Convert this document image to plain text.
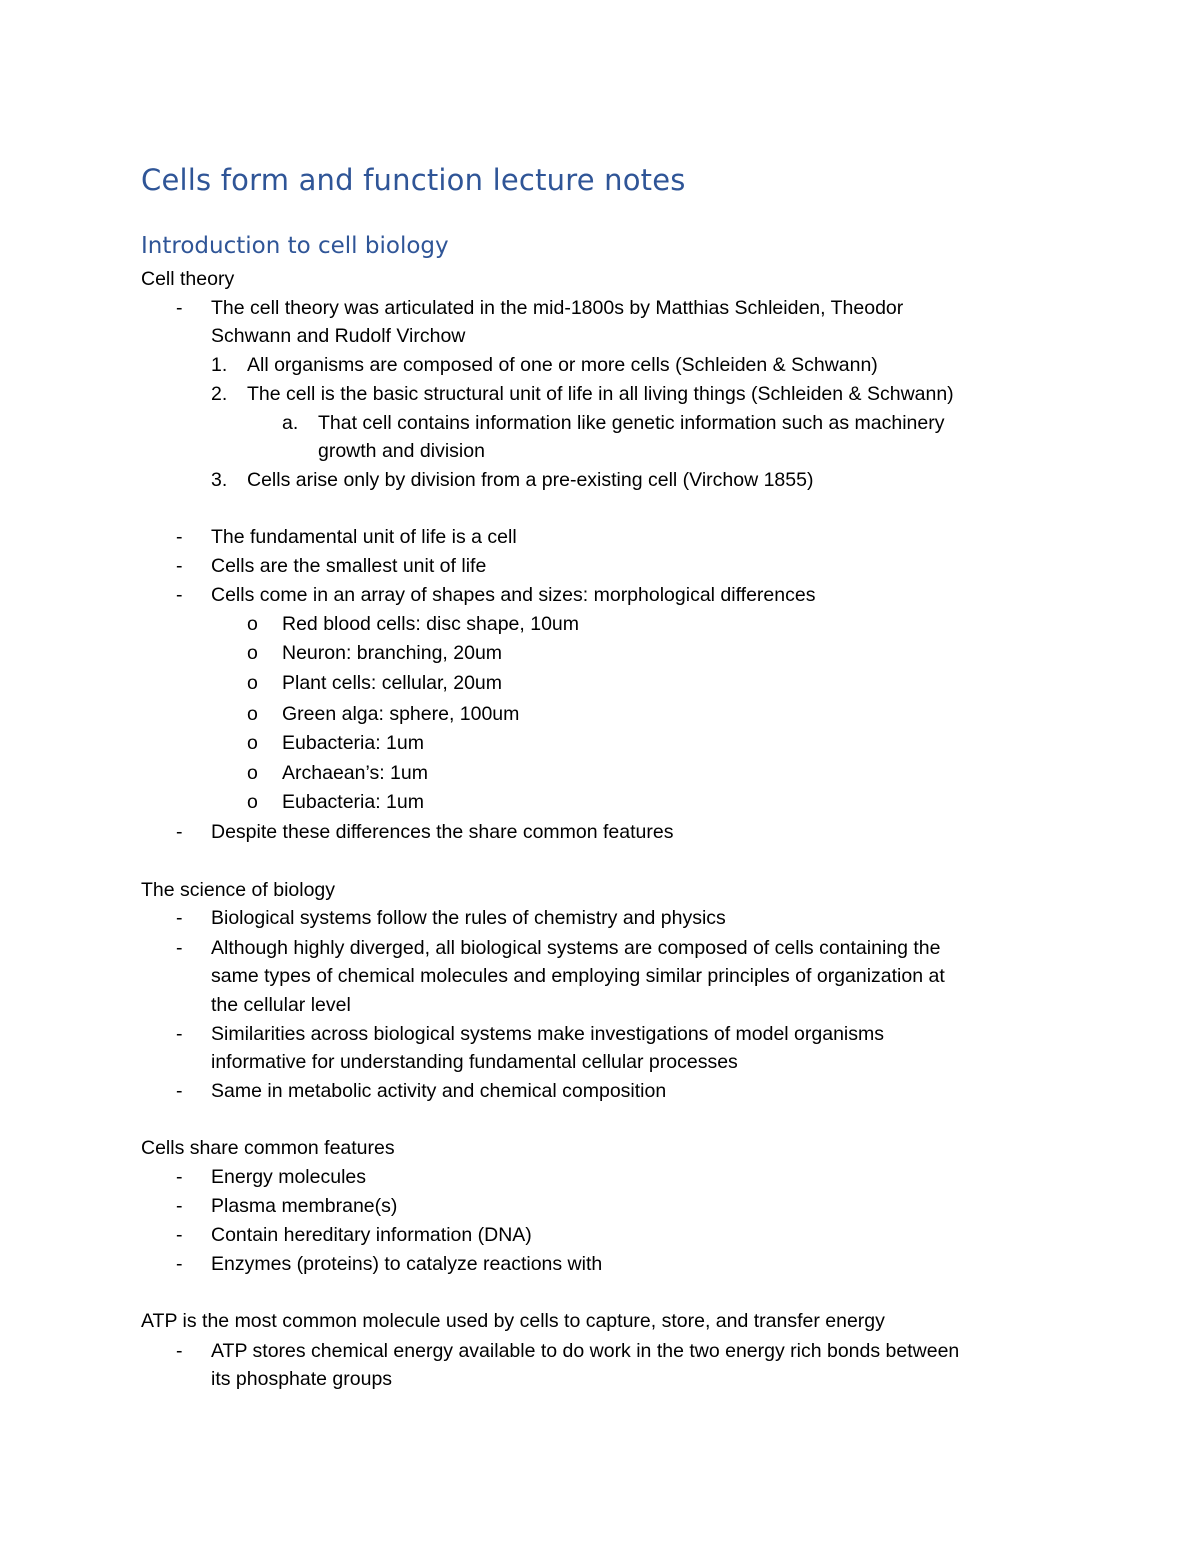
Cells form and function lecture notes
Introduction to cell biology
Cell theory
- The cell theory was articulated in the mid-1800s by Matthias Schleiden, Theodor
Schwann and Rudolf Virchow
1. All organisms are composed of one or more cells (Schleiden & Schwann)
2. The cell is the basic structural unit of life in all living things (Schleiden & Schwann)
a. That cell contains information like genetic information such as machinery
growth and division
3. Cells arise only by division from a pre-existing cell (Virchow 1855)
- The fundamental unit of life is a cell
- Cells are the smallest unit of life
- Cells come in an array of shapes and sizes: morphological differences
o Red blood cells: disc shape, 10um
o Neuron: branching, 20um
o Plant cells: cellular, 20um
o Green alga: sphere, 100um
o Eubacteria: 1um
o Archaean’s: 1um
o Eubacteria: 1um
- Despite these differences the share common features
The science of biology
- Biological systems follow the rules of chemistry and physics
- Although highly diverged, all biological systems are composed of cells containing the
same types of chemical molecules and employing similar principles of organization at
the cellular level
- Similarities across biological systems make investigations of model organisms
informative for understanding fundamental cellular processes
- Same in metabolic activity and chemical composition
Cells share common features
- Energy molecules
- Plasma membrane(s)
- Contain hereditary information (DNA)
- Enzymes (proteins) to catalyze reactions with
ATP is the most common molecule used by cells to capture, store, and transfer energy
- ATP stores chemical energy available to do work in the two energy rich bonds between
its phosphate groups
